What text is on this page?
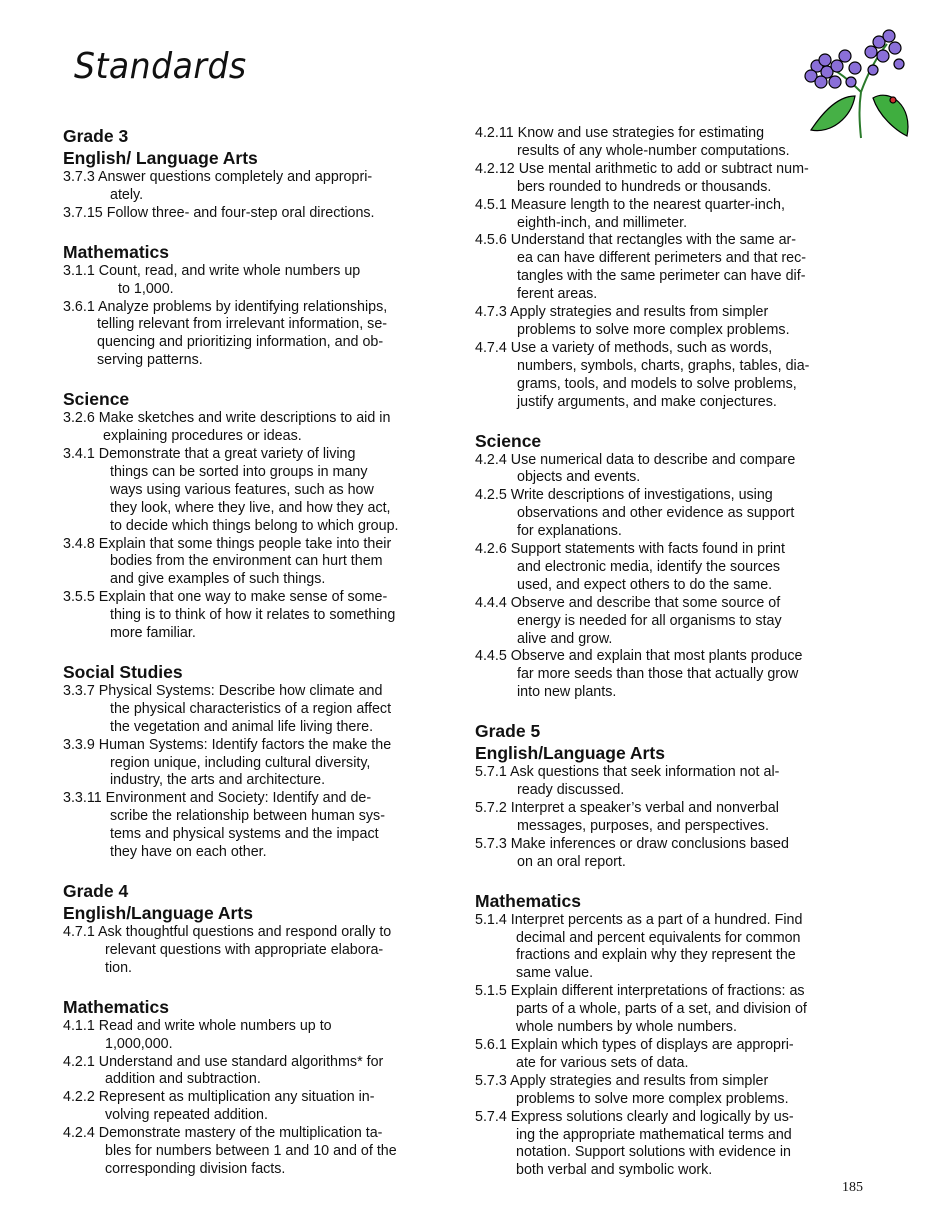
Standards
Grade 3
English/ Language Arts
3.7.3 Answer questions completely and appropri-
ately.
3.7.15 Follow three- and four-step oral directions.
Mathematics
3.1.1 Count, read, and write whole numbers up
to 1,000.
3.6.1 Analyze problems by identifying relationships,
telling relevant from irrelevant information, se-
quencing and prioritizing information, and ob-
serving patterns.
Science
3.2.6 Make sketches and write descriptions to aid in
explaining procedures or ideas.
3.4.1 Demonstrate that a great variety of living
things can be sorted into groups in many
ways using various features, such as how
they look, where they live, and how they act,
to decide which things belong to which group.
3.4.8 Explain that some things people take into their
bodies from the environment can hurt them
and give examples of such things.
3.5.5 Explain that one way to make sense of some-
thing is to think of how it relates to something
more familiar.
Social Studies
3.3.7 Physical Systems: Describe how climate and
the physical characteristics of a region affect
the vegetation and animal life living there.
3.3.9 Human Systems: Identify factors the make the
region unique, including cultural diversity,
industry, the arts and architecture.
3.3.11 Environment and Society: Identify and de-
scribe the relationship between human sys-
tems and physical systems and the impact
they have on each other.
Grade 4
English/Language Arts
4.7.1 Ask thoughtful questions and respond orally to
relevant questions with appropriate elabora-
tion.
Mathematics
4.1.1 Read and write whole numbers up to
1,000,000.
4.2.1 Understand and use standard algorithms* for
addition and subtraction.
4.2.2 Represent as multiplication any situation in-
volving repeated addition.
4.2.4 Demonstrate mastery of the multiplication ta-
bles for numbers between 1 and 10 and of the
corresponding division facts.
4.2.11 Know and use strategies for estimating
results of any whole-number computations.
4.2.12 Use mental arithmetic to add or subtract num-
bers rounded to hundreds or thousands.
4.5.1 Measure length to the nearest quarter-inch,
eighth-inch, and millimeter.
4.5.6 Understand that rectangles with the same ar-
ea can have different perimeters and that rec-
tangles with the same perimeter can have dif-
ferent areas.
4.7.3 Apply strategies and results from simpler
problems to solve more complex problems.
4.7.4 Use a variety of methods, such as words,
numbers, symbols, charts, graphs, tables, dia-
grams, tools, and models to solve problems,
justify arguments, and make conjectures.
Science
4.2.4 Use numerical data to describe and compare
objects and events.
4.2.5 Write descriptions of investigations, using
observations and other evidence as support
for explanations.
4.2.6 Support statements with facts found in print
and electronic media, identify the sources
used, and expect others to do the same.
4.4.4 Observe and describe that some source of
energy is needed for all organisms to stay
alive and grow.
4.4.5 Observe and explain that most plants produce
far more seeds than those that actually grow
into new plants.
Grade 5
English/Language Arts
5.7.1 Ask questions that seek information not al-
ready discussed.
5.7.2 Interpret a speaker’s verbal and nonverbal
messages, purposes, and perspectives.
5.7.3 Make inferences or draw conclusions based
on an oral report.
Mathematics
5.1.4 Interpret percents as a part of a hundred. Find
decimal and percent equivalents for common
fractions and explain why they represent the
same value.
5.1.5 Explain different interpretations of fractions: as
parts of a whole, parts of a set, and division of
whole numbers by whole numbers.
5.6.1 Explain which types of displays are appropri-
ate for various sets of data.
5.7.3 Apply strategies and results from simpler
problems to solve more complex problems.
5.7.4 Express solutions clearly and logically by us-
ing the appropriate mathematical terms and
notation. Support solutions with evidence in
both verbal and symbolic work.
185
